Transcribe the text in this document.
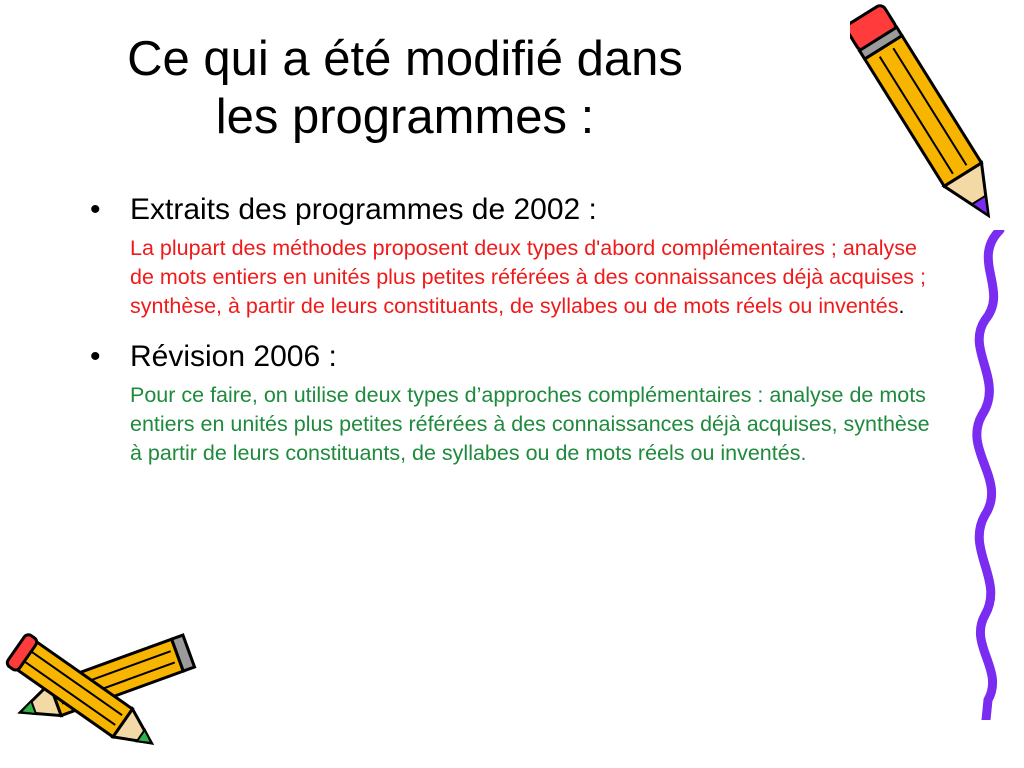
Ce qui a été modifié dans
les programmes :

• Extraits des programmes de 2002 :

La plupart des méthodes proposent deux types d'abord complémentaires ; analyse de mots entiers en unités plus petites référées à des connaissances déjà acquises ; synthèse, à partir de leurs constituants, de syllabes ou de mots réels ou inventés.

• Révision 2006 :

Pour ce faire, on utilise deux types d’approches complémentaires : analyse de mots entiers en unités plus petites référées à des connaissances déjà acquises, synthèse à partir de leurs constituants, de syllabes ou de mots réels ou inventés.
